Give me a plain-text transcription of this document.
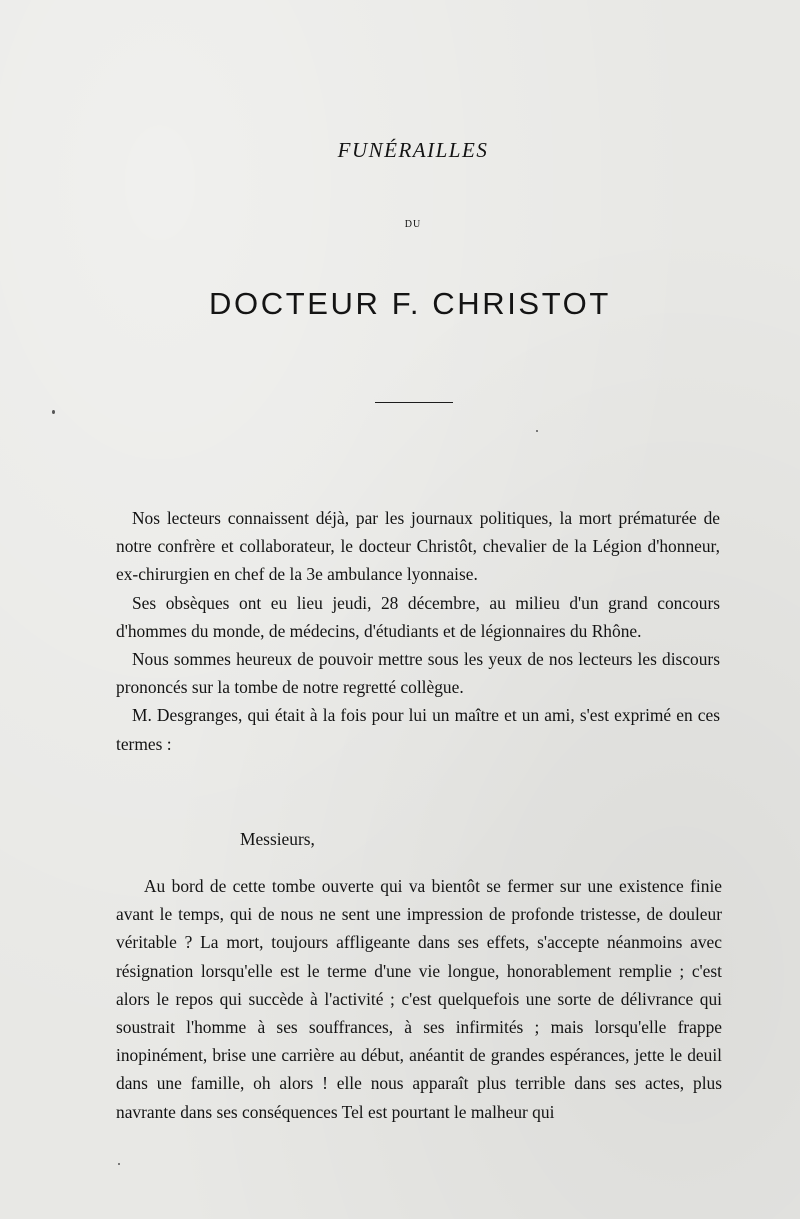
FUNÉRAILLES
DU
DOCTEUR F. CHRISTOT

Nos lecteurs connaissent déjà, par les journaux politiques, la mort prématurée de notre confrère et collaborateur, le docteur Christôt, chevalier de la Légion d'honneur, ex-chirurgien en chef de la 3e ambulance lyonnaise.

Ses obsèques ont eu lieu jeudi, 28 décembre, au milieu d'un grand concours d'hommes du monde, de médecins, d'étudiants et de légionnaires du Rhône.

Nous sommes heureux de pouvoir mettre sous les yeux de nos lecteurs les discours prononcés sur la tombe de notre regretté collègue.

M. Desgranges, qui était à la fois pour lui un maître et un ami, s'est exprimé en ces termes :

Messieurs,

Au bord de cette tombe ouverte qui va bientôt se fermer sur une existence finie avant le temps, qui de nous ne sent une impression de profonde tristesse, de douleur véritable ? La mort, toujours affligeante dans ses effets, s'accepte néanmoins avec résignation lorsqu'elle est le terme d'une vie longue, honorablement remplie ; c'est alors le repos qui succède à l'activité ; c'est quelquefois une sorte de délivrance qui soustrait l'homme à ses souffrances, à ses infirmités ; mais lorsqu'elle frappe inopinément, brise une carrière au début, anéantit de grandes espérances, jette le deuil dans une famille, oh alors ! elle nous apparaît plus terrible dans ses actes, plus navrante dans ses conséquences Tel est pourtant le malheur qui
